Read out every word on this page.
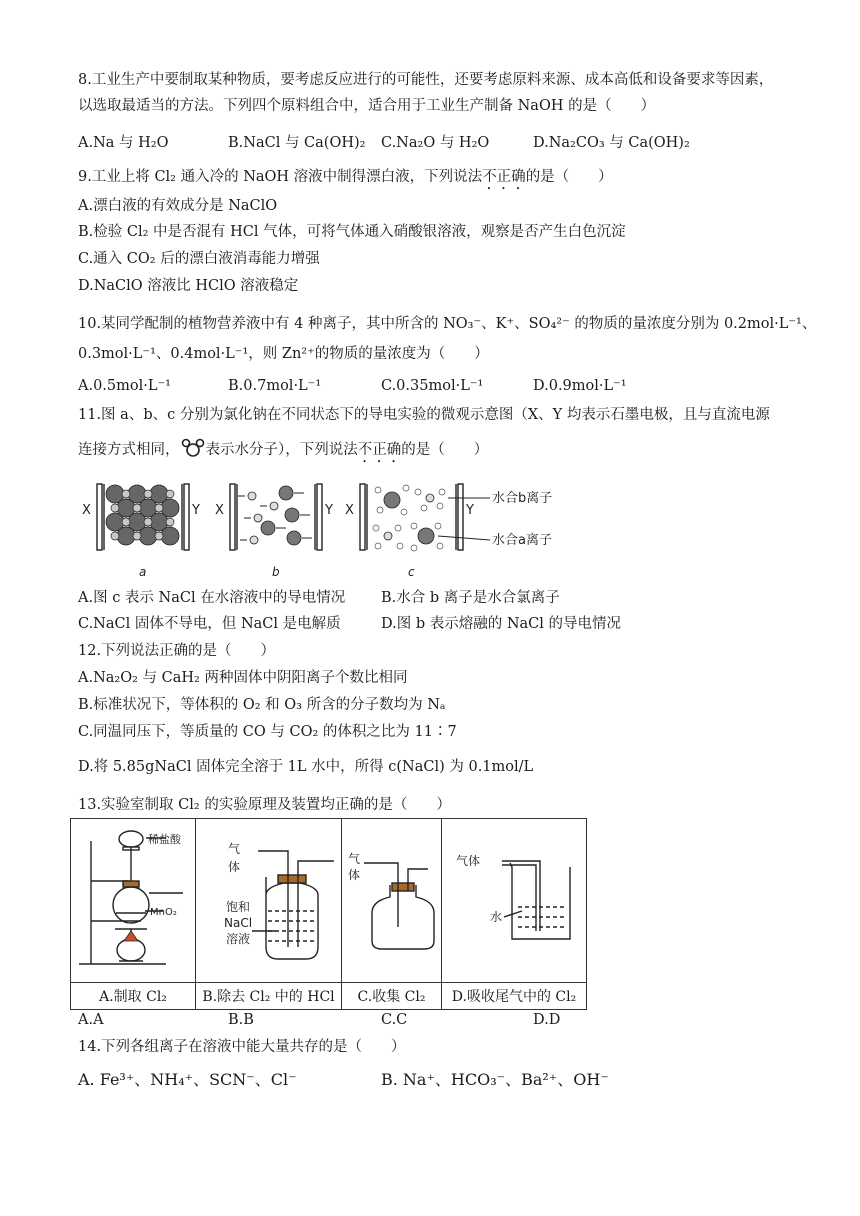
8.工业生产中要制取某种物质，要考虑反应进行的可能性，还要考虑原料来源、成本高低和设备要求等因素，
以选取最适当的方法。下列四个原料组合中，适合用于工业生产制备 NaOH 的是（　　）
A.Na 与 H₂O	B.NaCl 与 Ca(OH)₂ C.Na₂O 与 H₂O	D.Na₂CO₃ 与 Ca(OH)₂
9.工业上将 Cl₂ 通入冷的 NaOH 溶液中制得漂白液，下列说法不正确的是（　　）
A.漂白液的有效成分是 NaClO
B.检验 Cl₂ 中是否混有 HCl 气体，可将气体通入硝酸银溶液，观察是否产生白色沉淀
C.通入 CO₂ 后的漂白液消毒能力增强
D.NaClO 溶液比 HClO 溶液稳定
10.某同学配制的植物营养液中有 4 种离子，其中所含的 NO₃⁻、K⁺、SO₄²⁻ 的物质的量浓度分别为 0.2mol·L⁻¹、
0.3mol·L⁻¹、0.4mol·L⁻¹，则 Zn²⁺的物质的量浓度为（　　）
A.0.5mol·L⁻¹	B.0.7mol·L⁻¹	C.0.35mol·L⁻¹	D.0.9mol·L⁻¹
11.图 a、b、c 分别为氯化钠在不同状态下的导电实验的微观示意图（X、Y 均表示石墨电极，且与直流电源
连接方式相同， 表示水分子），下列说法不正确的是（　　）
X	Y X	Y X	Y
水合b离子
水合a离子
a	b	c
A.图 c 表示 NaCl 在水溶液中的导电情况 B.水合 b 离子是水合氯离子
C.NaCl 固体不导电，但 NaCl 是电解质	D.图 b 表示熔融的 NaCl 的导电情况
12.下列说法正确的是（　　）
A.Na₂O₂ 与 CaH₂ 两种固体中阴阳离子个数比相同
B.标准状况下，等体积的 O₂ 和 O₃ 所含的分子数均为 Nₐ
C.同温同压下，等质量的 CO 与 CO₂ 的体积之比为 11∶7
D.将 5.85gNaCl 固体完全溶于 1L 水中，所得 c(NaCl) 为 0.1mol/L
13.实验室制取 Cl₂ 的实验原理及装置均正确的是（　　）
稀盐酸
MnO₂	气
体
饱和
NaCl
溶液	气
体	气体
水

A.制取 Cl₂	B.除去 Cl₂ 中的 HCl	C.收集 Cl₂	D.吸收尾气中的 Cl₂
A.A	B.B	C.C	D.D
14.下列各组离子在溶液中能大量共存的是（　　）
A. Fe³⁺、NH₄⁺、SCN⁻、Cl⁻	B. Na⁺、HCO₃⁻、Ba²⁺、OH⁻
